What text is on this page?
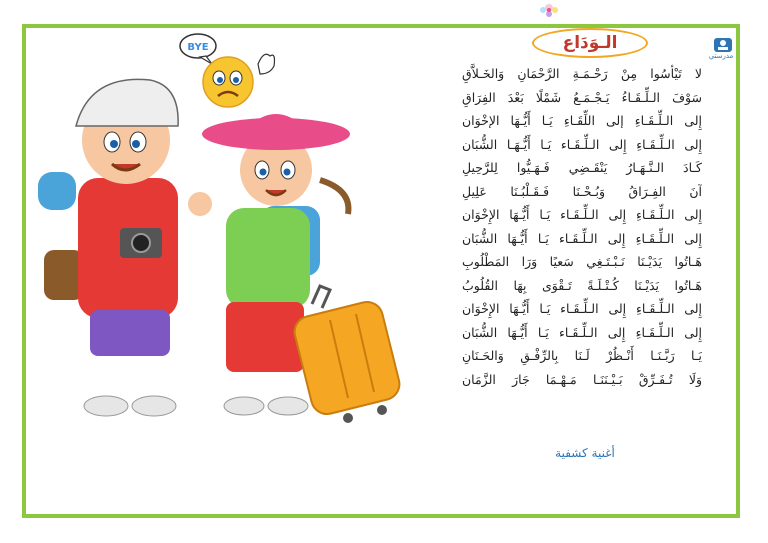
مدرستي
الـوَدَاع
لا تَيْأسُوا مِنْ رَحْـمَـةِ الرَّحْمَانِ وَالخَـلاَّقِ
سَوْفَ الـلِّـقَـاءُ يَـجْـمَـعُ شَمْلًا بَعْدَ الفِرَاقِ
إِلى الـلِّـقَـاءِ إلى اللِّقَـاءِ يَـا أَيُّـهَا الإخْوَان
إِلى الـلِّـقَـاءِ إِلى الـلِّـقَـاء يَـا أَيُّـهَـا الشُّبَان
كَـادَ الـنَّـهَـارُ يَنْقَـضِي فَـهَـيُّوا لِلرَّحِيلِ
آنَ الفِـرَاقُ وَبُـحْـنَا فَـقَـلْبُـنَا عَلِيلِ
إِلى الـلِّـقَـاءِ إِلى الـلِّـقَـاء يَـا أَيُّـهَا الإِخْوَان
إِلى الـلِّـقَـاءِ إِلى الـلِّـقَـاء يَـا أَيُّـهَا الشُّبَان
هَـاتُوا يَدَيْـنَا نَـبْـتَـغِي سَعيًا وَرَا المَطْلُوبِ
هَـاتُوا يَدَيْـنَا كُـتْـلَـةً تَـقْوَى بِهَا القُلُوبُ
إِلى الـلِّـقَـاءِ إِلى الـلِّـقَـاء يَـا أَيُّـهَا الإِخْوَان
إِلى الـلِّـقَـاءِ إِلى الـلِّـقَـاء يَـا أَيُّـهَا الشُّبَان
يَـا رَبَّـنَـا أَنْـظُرْ لَـنَا بِالرِّفْـقِ وَالحَـنَانِ
وَلَا تُـفَـرِّقْ بَـيْـنَنَـا مَـهْـمَا جَارَ الزَّمَان
أغنية كشفية
BYE
